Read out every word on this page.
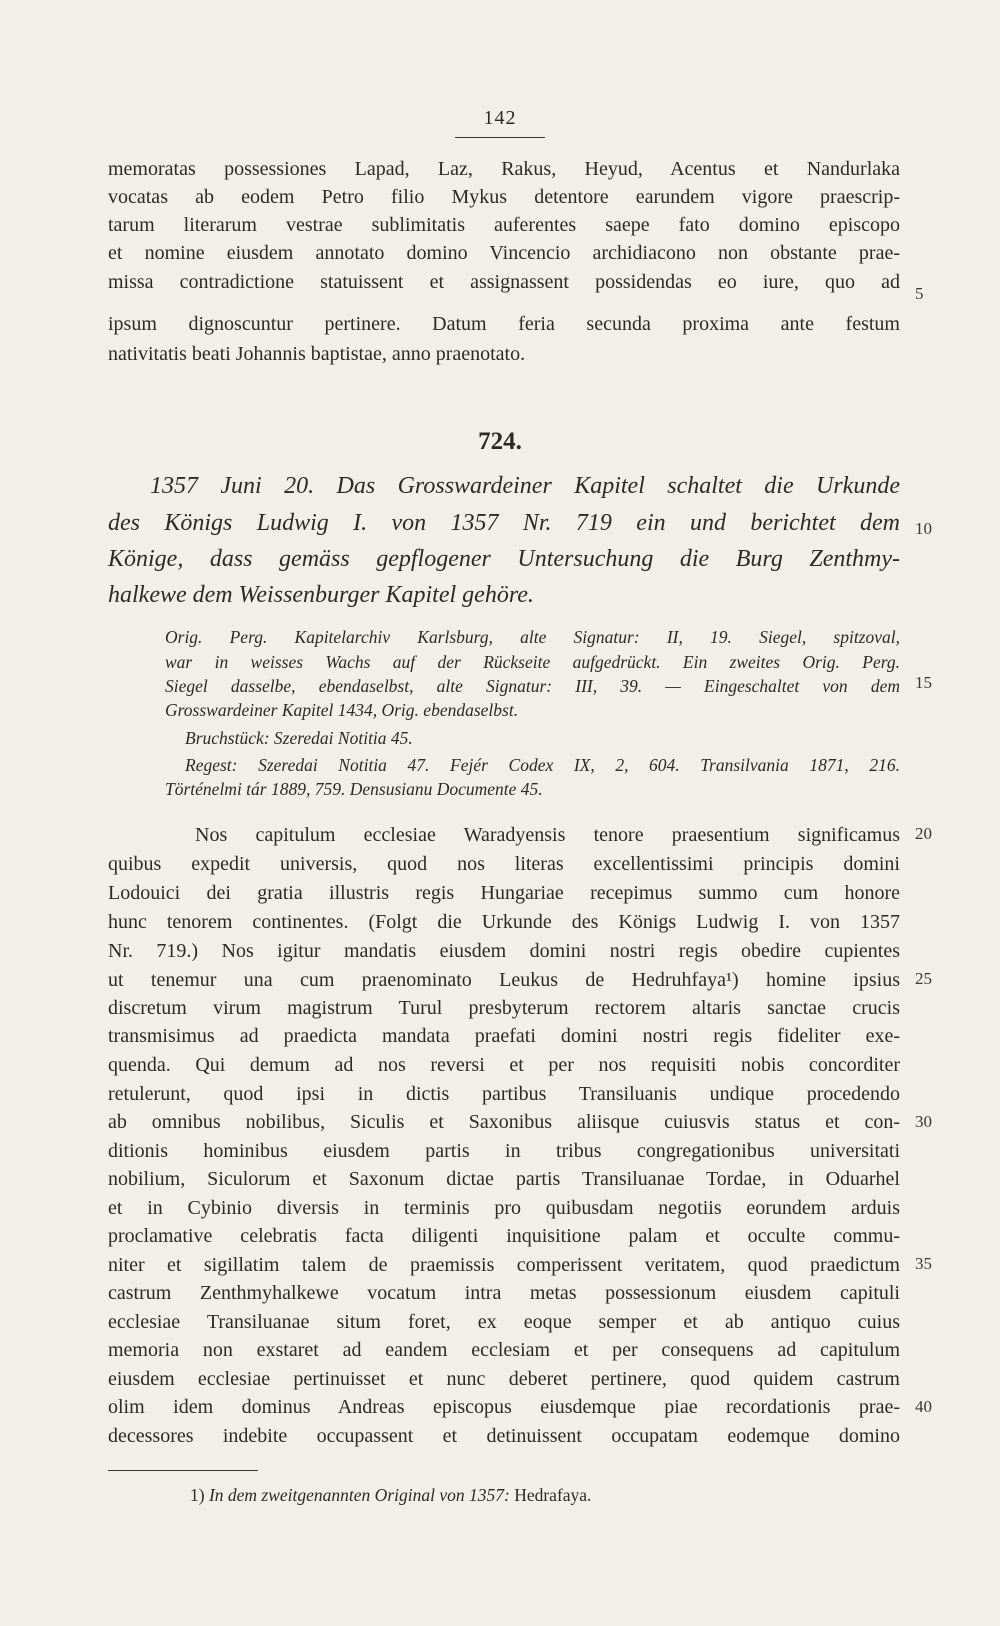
142
memoratas possessiones Lapad, Laz, Rakus, Heyud, Acentus et Nandurlaka
vocatas ab eodem Petro filio Mykus detentore earundem vigore praescrip-
tarum literarum vestrae sublimitatis auferentes saepe fato domino episcopo
et nomine eiusdem annotato domino Vincencio archidiacono non obstante prae-
missa contradictione statuissent et assignassent possidendas eo iure, quo ad
ipsum dignoscuntur pertinere. Datum feria secunda proxima ante festum
nativitatis beati Johannis baptistae, anno praenotato.
724.
1357 Juni 20. Das Grosswardeiner Kapitel schaltet die Urkunde
des Königs Ludwig I. von 1357 Nr. 719 ein und berichtet dem
Könige, dass gemäss gepflogener Untersuchung die Burg Zenthmy-
halkewe dem Weissenburger Kapitel gehöre.
Orig. Perg. Kapitelarchiv Karlsburg, alte Signatur: II, 19. Siegel, spitzoval,
war in weisses Wachs auf der Rückseite aufgedrückt. Ein zweites Orig. Perg.
Siegel dasselbe, ebendaselbst, alte Signatur: III, 39. — Eingeschaltet von dem
Grosswardeiner Kapitel 1434, Orig. ebendaselbst.
Bruchstück: Szeredai Notitia 45.
Regest: Szeredai Notitia 47. Fejér Codex IX, 2, 604. Transilvania 1871, 216.
Történelmi tár 1889, 759. Densusianu Documente 45.
Nos capitulum ecclesiae Waradyensis tenore praesentium significamus
quibus expedit universis, quod nos literas excellentissimi principis domini
Lodouici dei gratia illustris regis Hungariae recepimus summo cum honore
hunc tenorem continentes. (Folgt die Urkunde des Königs Ludwig I. von 1357
Nr. 719.) Nos igitur mandatis eiusdem domini nostri regis obedire cupientes
ut tenemur una cum praenominato Leukus de Hedruhfaya¹) homine ipsius
discretum virum magistrum Turul presbyterum rectorem altaris sanctae crucis
transmisimus ad praedicta mandata praefati domini nostri regis fideliter exe-
quenda. Qui demum ad nos reversi et per nos requisiti nobis concorditer
retulerunt, quod ipsi in dictis partibus Transiluanis undique procedendo
ab omnibus nobilibus, Siculis et Saxonibus aliisque cuiusvis status et con-
ditionis hominibus eiusdem partis in tribus congregationibus universitati
nobilium, Siculorum et Saxonum dictae partis Transiluanae Tordae, in Oduarhel
et in Cybinio diversis in terminis pro quibusdam negotiis eorundem arduis
proclamative celebratis facta diligenti inquisitione palam et occulte commu-
niter et sigillatim talem de praemissis comperissent veritatem, quod praedictum
castrum Zenthmyhalkewe vocatum intra metas possessionum eiusdem capituli
ecclesiae Transiluanae situm foret, ex eoque semper et ab antiquo cuius
memoria non exstaret ad eandem ecclesiam et per consequens ad capitulum
eiusdem ecclesiae pertinuisset et nunc deberet pertinere, quod quidem castrum
olim idem dominus Andreas episcopus eiusdemque piae recordationis prae-
decessores indebite occupassent et detinuissent occupatam eodemque domino
5
10
15
20
25
30
35
40
1) In dem zweitgenannten Original von 1357: Hedrafaya.
